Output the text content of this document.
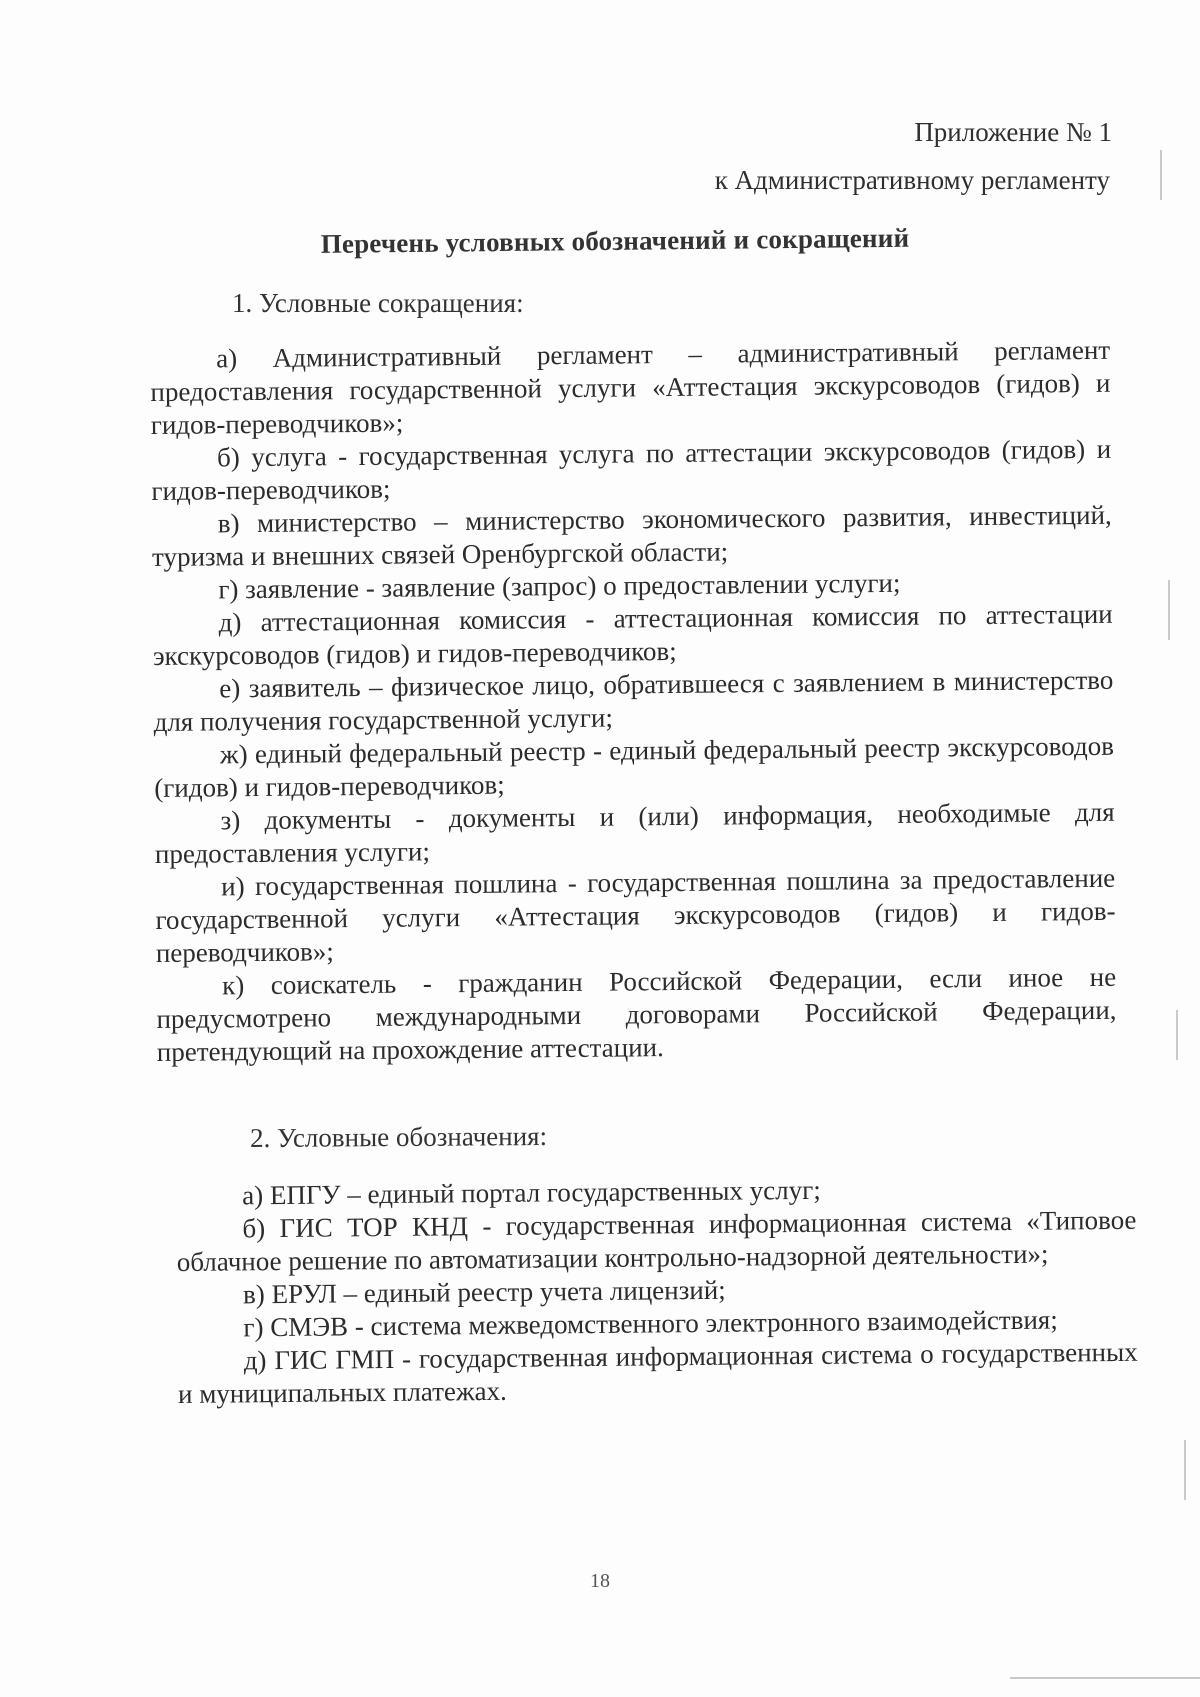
Приложение № 1
к Административному регламенту
Перечень условных обозначений и сокращений
1. Условные сокращения:

а) Административный регламент – административный регламент предоставления государственной услуги «Аттестация экскурсоводов (гидов) и гидов-переводчиков»;

б) услуга - государственная услуга по аттестации экскурсоводов (гидов) и гидов-переводчиков;

в) министерство – министерство экономического развития, инвестиций, туризма и внешних связей Оренбургской области;

г) заявление - заявление (запрос) о предоставлении услуги;

д) аттестационная комиссия - аттестационная комиссия по аттестации экскурсоводов (гидов) и гидов-переводчиков;

е) заявитель – физическое лицо, обратившееся с заявлением в министерство для получения государственной услуги;

ж) единый федеральный реестр - единый федеральный реестр экскурсоводов (гидов) и гидов-переводчиков;

з) документы - документы и (или) информация, необходимые для предоставления услуги;

и) государственная пошлина - государственная пошлина за предоставление государственной услуги «Аттестация экскурсоводов (гидов) и гидов-переводчиков»;

к) соискатель - гражданин Российской Федерации, если иное не предусмотрено международными договорами Российской Федерации, претендующий на прохождение аттестации.

2. Условные обозначения:

а) ЕПГУ – единый портал государственных услуг;

б) ГИС ТОР КНД - государственная информационная система «Типовое облачное решение по автоматизации контрольно-надзорной деятельности»;

в) ЕРУЛ – единый реестр учета лицензий;

г) СМЭВ - система межведомственного электронного взаимодействия;

д) ГИС ГМП - государственная информационная система о государственных и муниципальных платежах.

18
